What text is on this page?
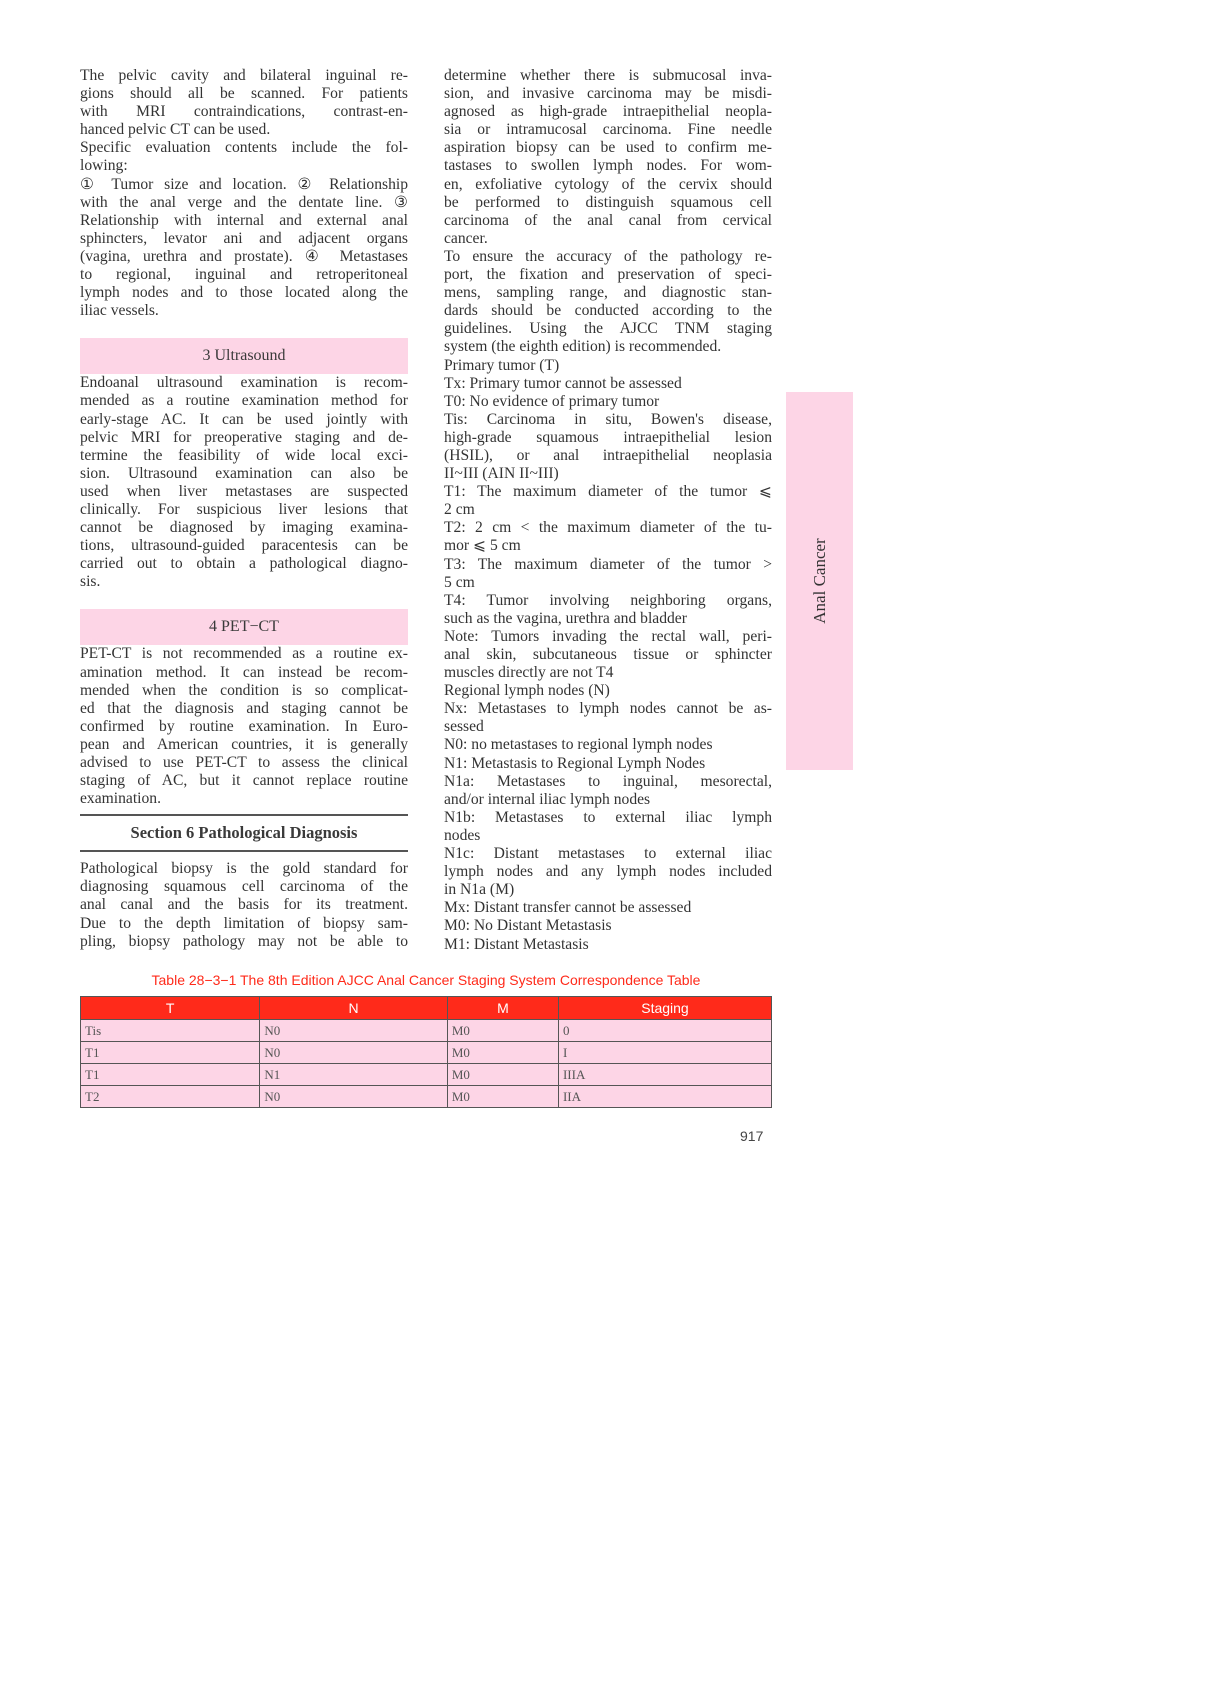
The pelvic cavity and bilateral inguinal re-
gions should all be scanned. For patients
with MRI contraindications, contrast-en-
hanced pelvic CT can be used.
Specific evaluation contents include the fol-
lowing:
① Tumor size and location. ② Relationship
with the anal verge and the dentate line. ③
Relationship with internal and external anal
sphincters, levator ani and adjacent organs
(vagina, urethra and prostate). ④ Metastases
to regional, inguinal and retroperitoneal
lymph nodes and to those located along the
iliac vessels.
3 Ultrasound
Endoanal ultrasound examination is recom-
mended as a routine examination method for
early-stage AC. It can be used jointly with
pelvic MRI for preoperative staging and de-
termine the feasibility of wide local exci-
sion. Ultrasound examination can also be
used when liver metastases are suspected
clinically. For suspicious liver lesions that
cannot be diagnosed by imaging examina-
tions, ultrasound-guided paracentesis can be
carried out to obtain a pathological diagno-
sis.
4 PET−CT
PET-CT is not recommended as a routine ex-
amination method. It can instead be recom-
mended when the condition is so complicat-
ed that the diagnosis and staging cannot be
confirmed by routine examination. In Euro-
pean and American countries, it is generally
advised to use PET-CT to assess the clinical
staging of AC, but it cannot replace routine
examination.
Section 6 Pathological Diagnosis
Pathological biopsy is the gold standard for
diagnosing squamous cell carcinoma of the
anal canal and the basis for its treatment.
Due to the depth limitation of biopsy sam-
pling, biopsy pathology may not be able to
determine whether there is submucosal inva-
sion, and invasive carcinoma may be misdi-
agnosed as high-grade intraepithelial neopla-
sia or intramucosal carcinoma. Fine needle
aspiration biopsy can be used to confirm me-
tastases to swollen lymph nodes. For wom-
en, exfoliative cytology of the cervix should
be performed to distinguish squamous cell
carcinoma of the anal canal from cervical
cancer.
To ensure the accuracy of the pathology re-
port, the fixation and preservation of speci-
mens, sampling range, and diagnostic stan-
dards should be conducted according to the
guidelines. Using the AJCC TNM staging
system (the eighth edition) is recommended.
Primary tumor (T)
Tx: Primary tumor cannot be assessed
T0: No evidence of primary tumor
Tis: Carcinoma in situ, Bowen's disease,
high-grade squamous intraepithelial lesion
(HSIL), or anal intraepithelial neoplasia
II~III (AIN II~III)
T1: The maximum diameter of the tumor ⩽
2 cm
T2: 2 cm < the maximum diameter of the tu-
mor ⩽ 5 cm
T3: The maximum diameter of the tumor >
5 cm
T4: Tumor involving neighboring organs,
such as the vagina, urethra and bladder
Note: Tumors invading the rectal wall, peri-
anal skin, subcutaneous tissue or sphincter
muscles directly are not T4
Regional lymph nodes (N)
Nx: Metastases to lymph nodes cannot be as-
sessed
N0: no metastases to regional lymph nodes
N1: Metastasis to Regional Lymph Nodes
N1a: Metastases to inguinal, mesorectal,
and/or internal iliac lymph nodes
N1b: Metastases to external iliac lymph
nodes
N1c: Distant metastases to external iliac
lymph nodes and any lymph nodes included
in N1a (M)
Mx: Distant transfer cannot be assessed
M0: No Distant Metastasis
M1: Distant Metastasis
Anal Cancer
Table 28−3−1 The 8th Edition AJCC Anal Cancer Staging System Correspondence Table
T	N	M	Staging
Tis	N0	M0	0
T1	N0	M0	I
T1	N1	M0	IIIA
T2	N0	M0	IIA
917
